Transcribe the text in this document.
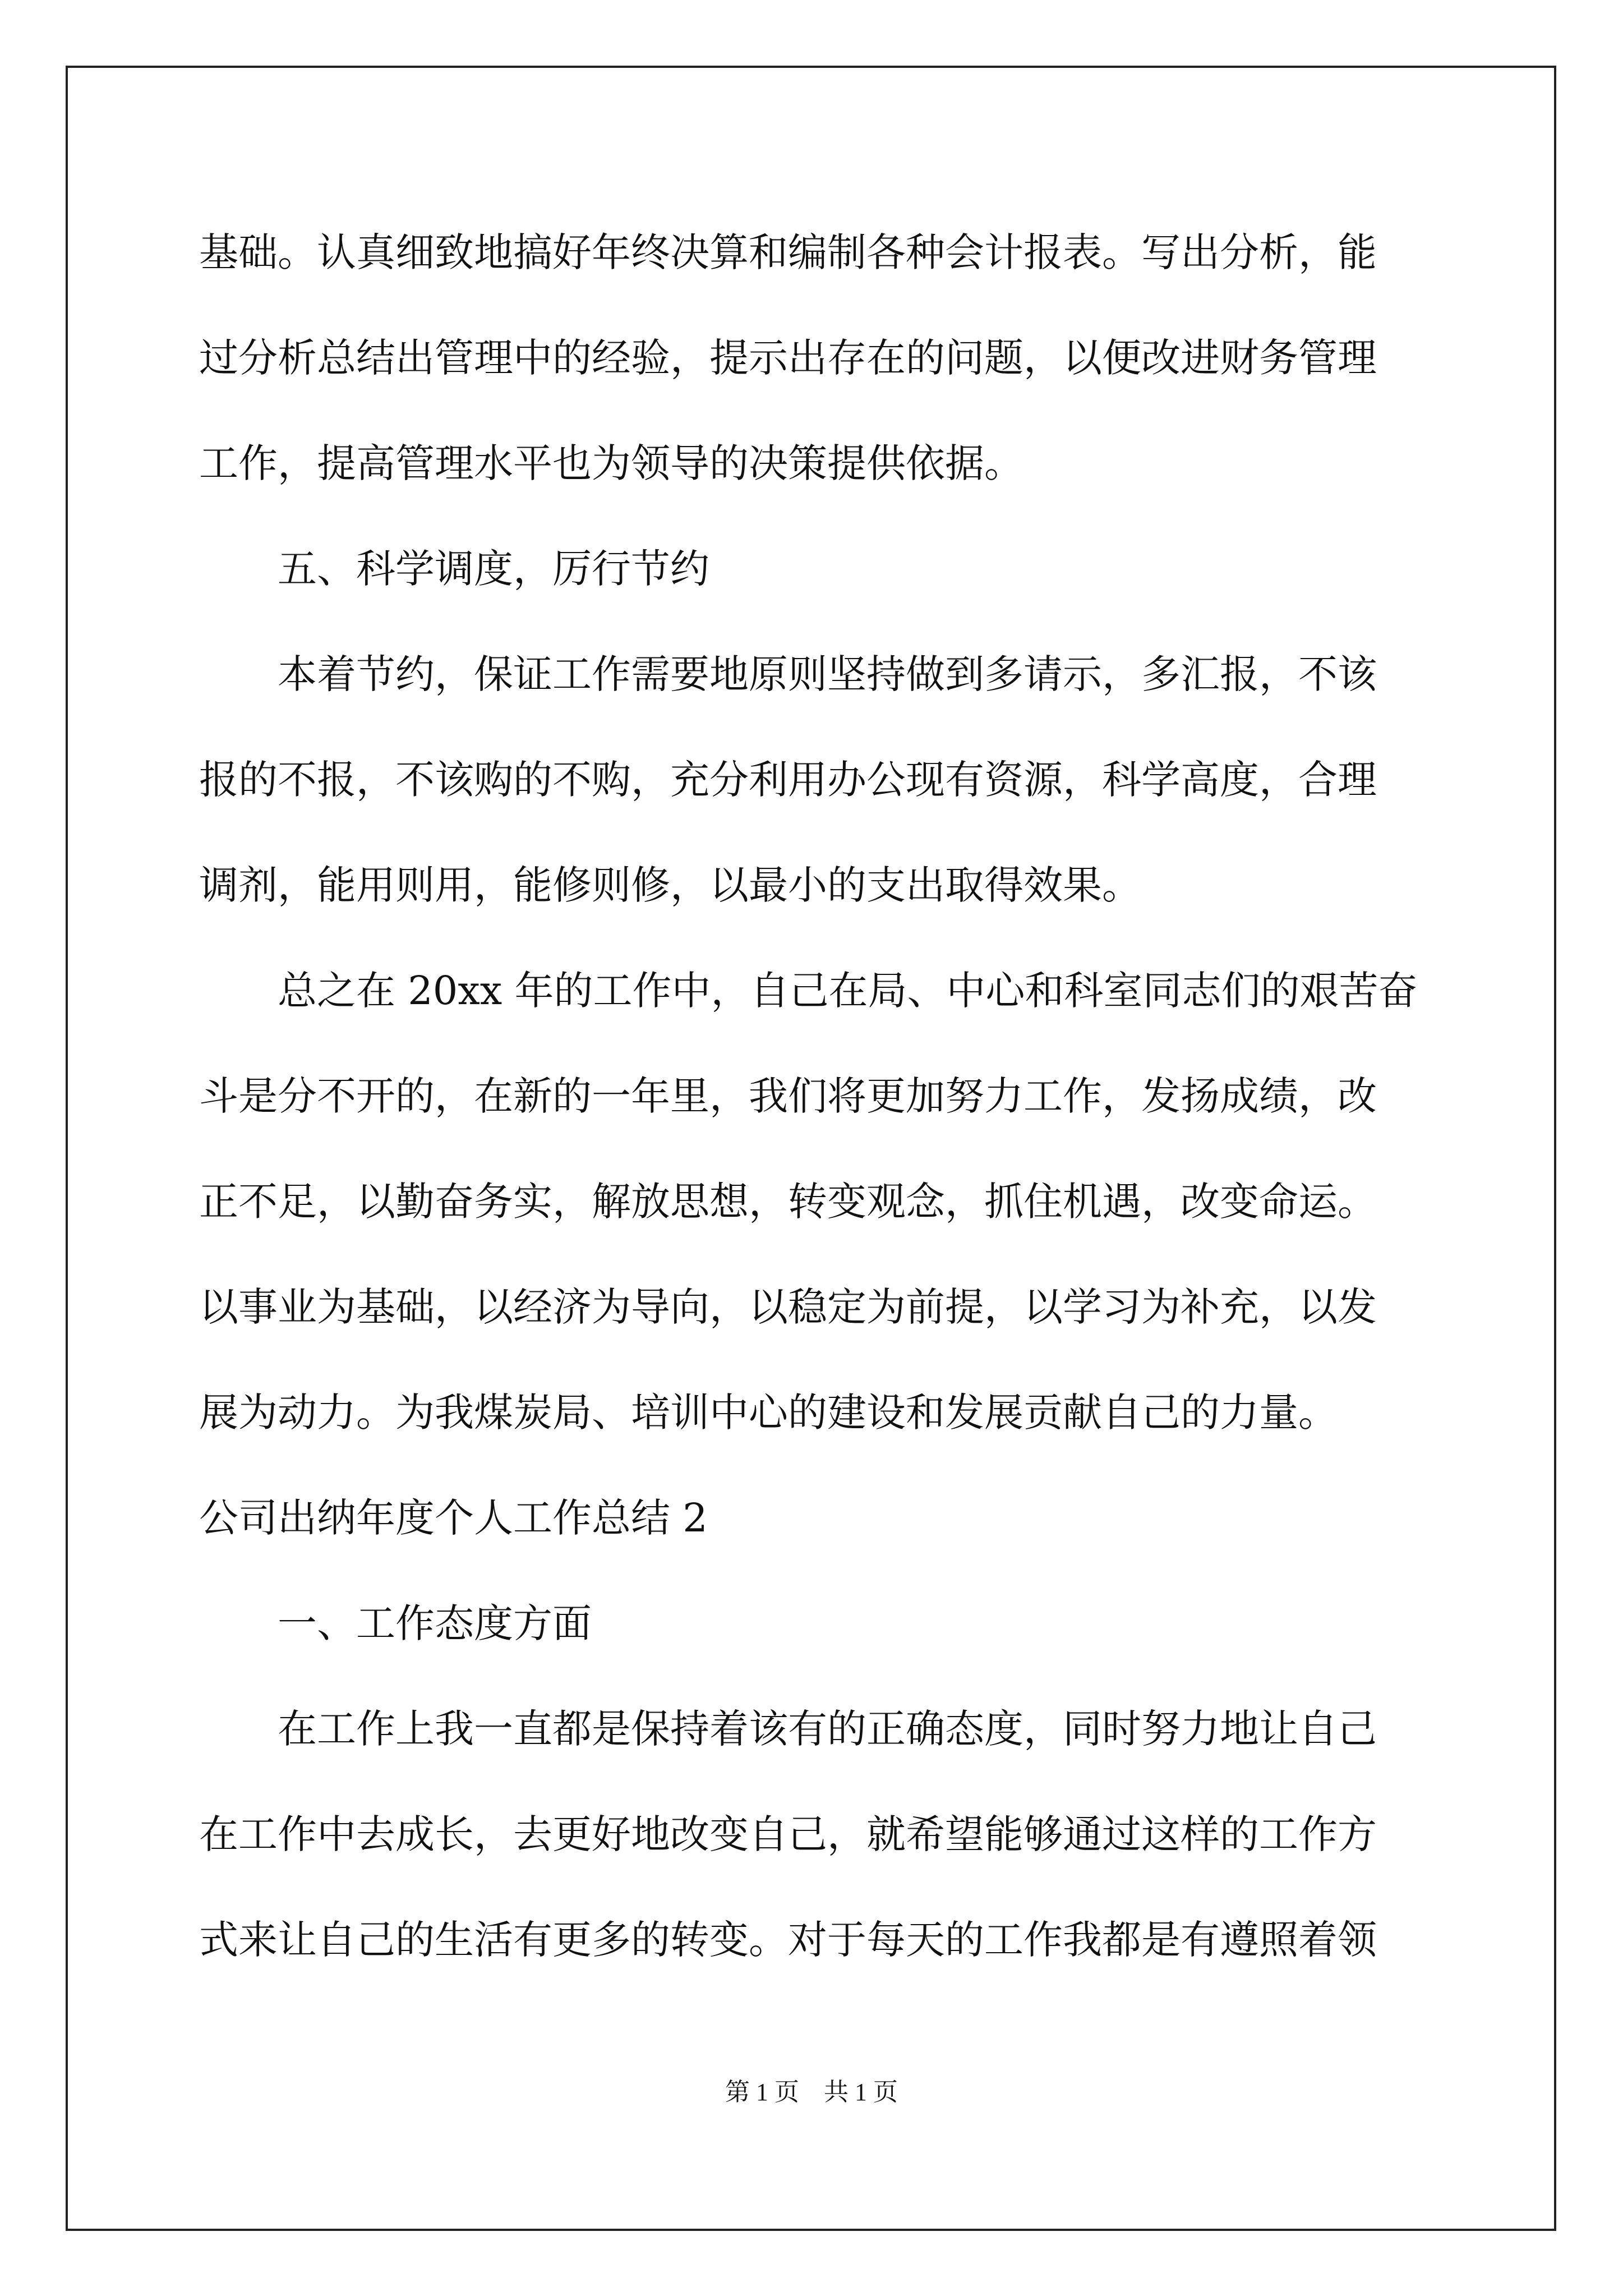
基础。认真细致地搞好年终决算和编制各种会计报表。写出分析，能
过分析总结出管理中的经验，提示出存在的问题，以便改进财务管理
工作，提高管理水平也为领导的决策提供依据。
五、科学调度，厉行节约
本着节约，保证工作需要地原则坚持做到多请示，多汇报，不该
报的不报，不该购的不购，充分利用办公现有资源，科学高度，合理
调剂，能用则用，能修则修，以最小的支出取得效果。
总之在 20xx 年的工作中，自己在局、中心和科室同志们的艰苦奋
斗是分不开的，在新的一年里，我们将更加努力工作，发扬成绩，改
正不足，以勤奋务实，解放思想，转变观念，抓住机遇，改变命运。
以事业为基础，以经济为导向，以稳定为前提，以学习为补充，以发
展为动力。为我煤炭局、培训中心的建设和发展贡献自己的力量。
公司出纳年度个人工作总结 2
一、工作态度方面
在工作上我一直都是保持着该有的正确态度，同时努力地让自己
在工作中去成长，去更好地改变自己，就希望能够通过这样的工作方
式来让自己的生活有更多的转变。对于每天的工作我都是有遵照着领
第 1 页　共 1 页
